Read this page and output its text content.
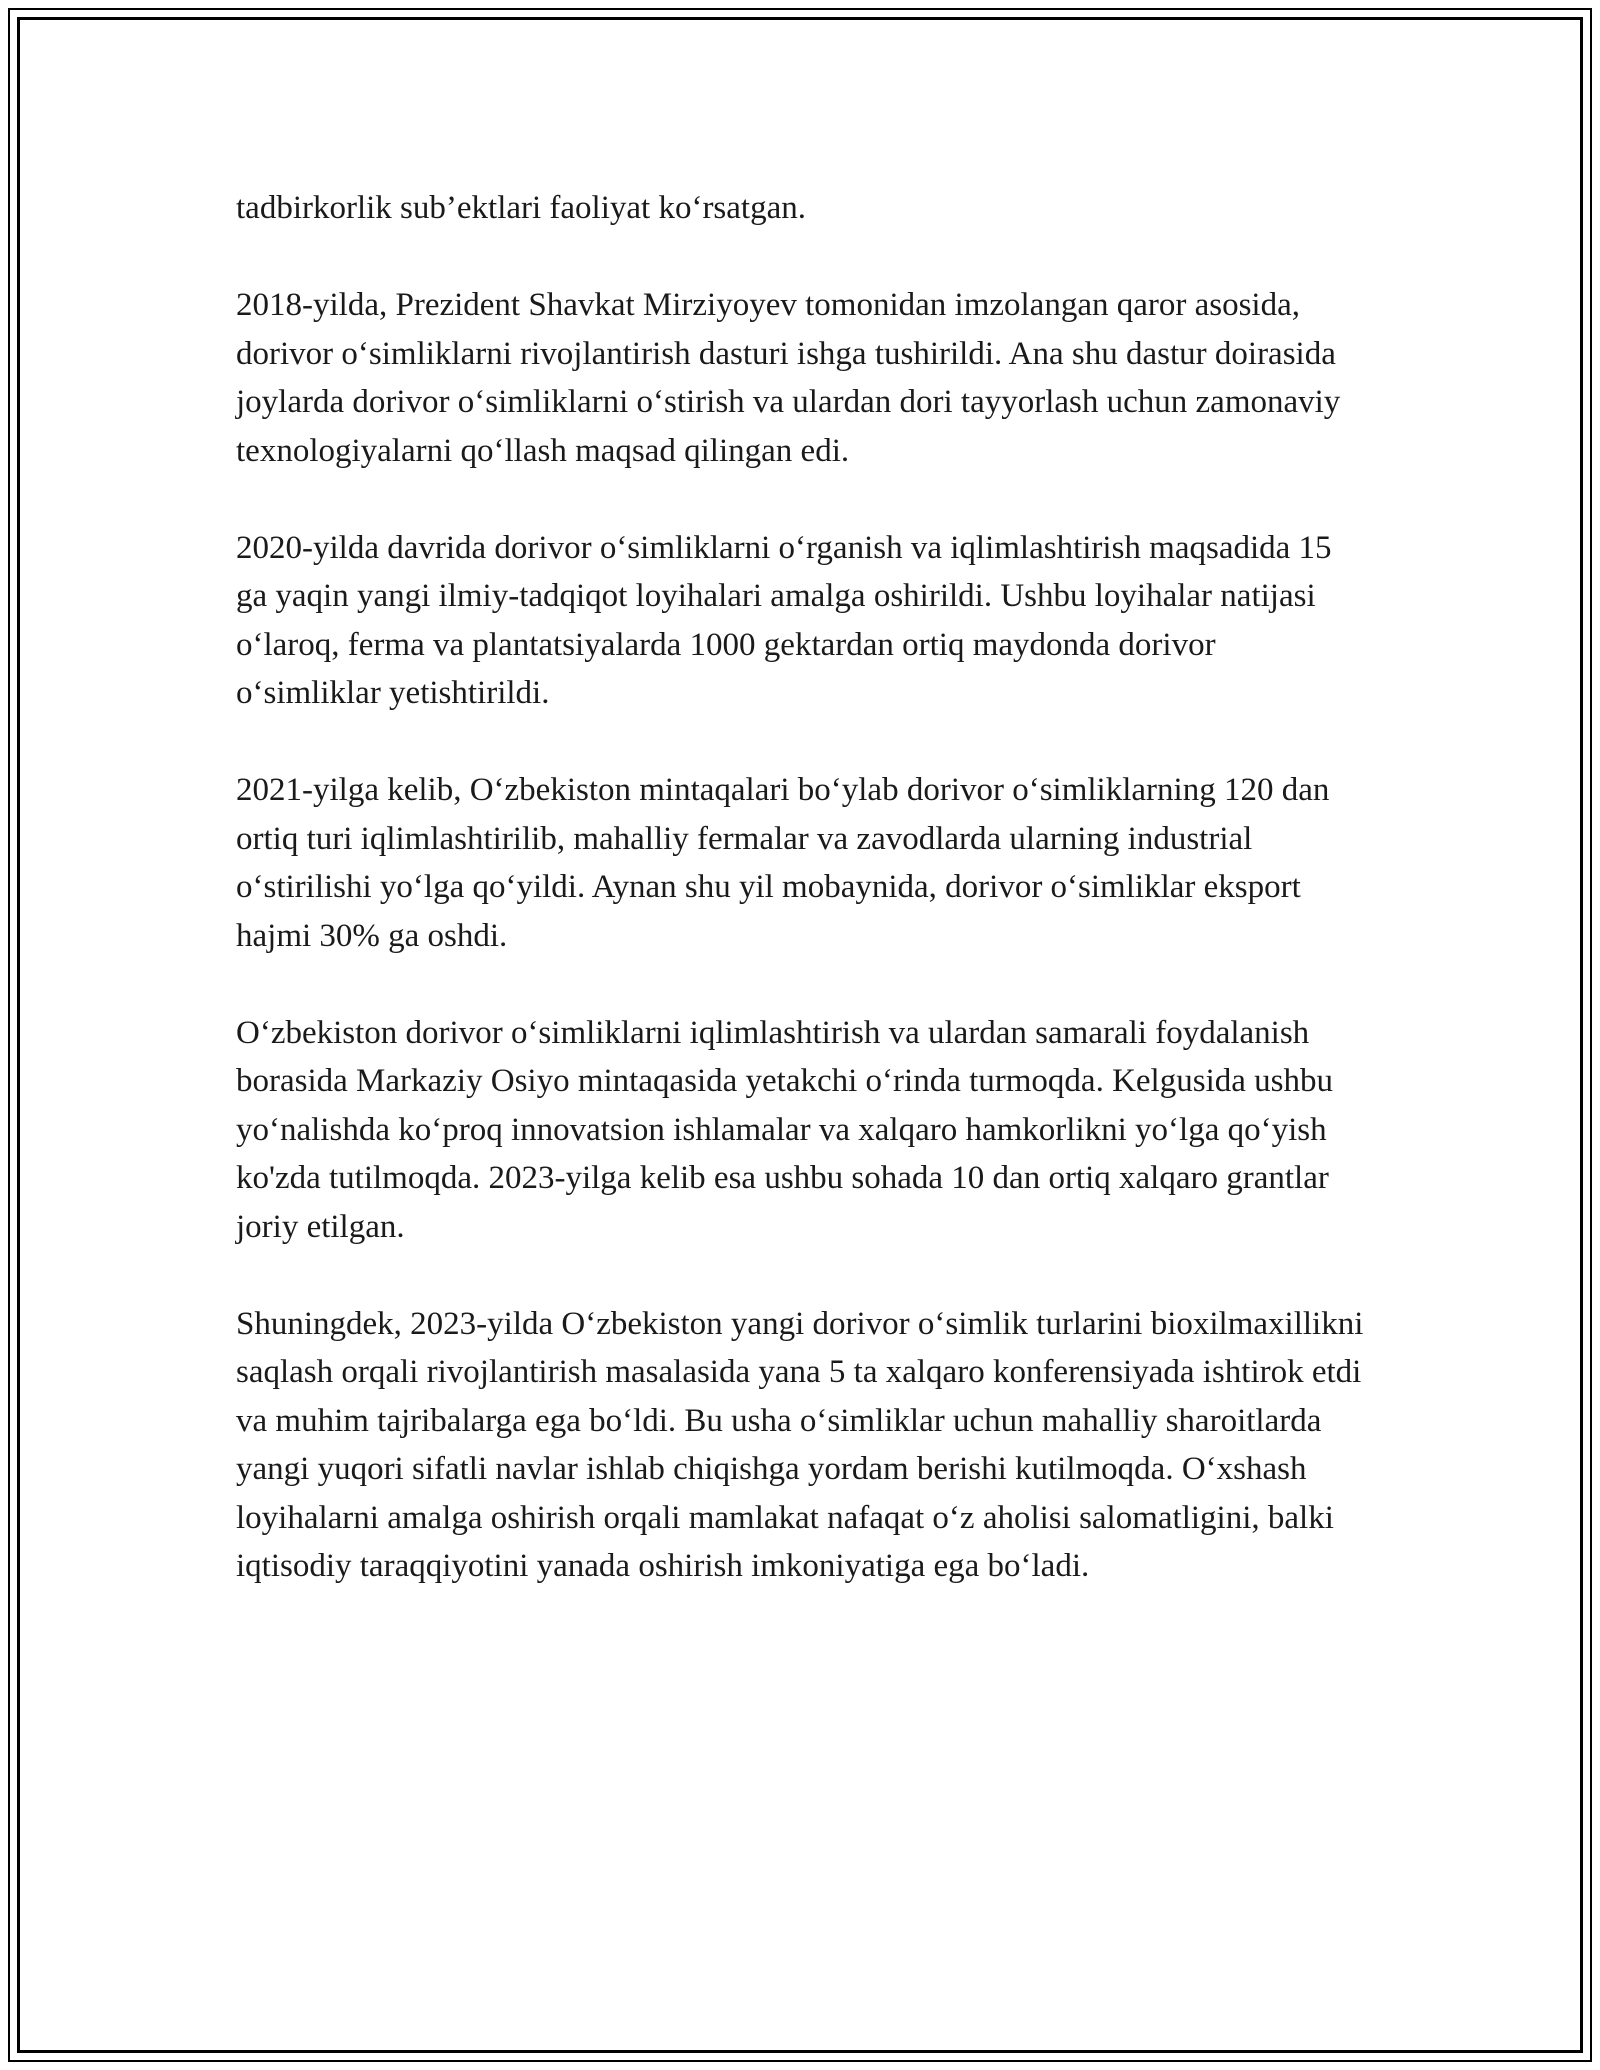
tadbirkorlik sub’ektlari faoliyat ko‘rsatgan.

2018-yilda, Prezident Shavkat Mirziyoyev tomonidan imzolangan qaror asosida, dorivor o‘simliklarni rivojlantirish dasturi ishga tushirildi. Ana shu dastur doirasida joylarda dorivor o‘simliklarni o‘stirish va ulardan dori tayyorlash uchun zamonaviy texnologiyalarni qo‘llash maqsad qilingan edi.

2020-yilda davrida dorivor o‘simliklarni o‘rganish va iqlimlashtirish maqsadida 15 ga yaqin yangi ilmiy-tadqiqot loyihalari amalga oshirildi. Ushbu loyihalar natijasi o‘laroq, ferma va plantatsiyalarda 1000 gektardan ortiq maydonda dorivor o‘simliklar yetishtirildi.

2021-yilga kelib, O‘zbekiston mintaqalari bo‘ylab dorivor o‘simliklarning 120 dan ortiq turi iqlimlashtirilib, mahalliy fermalar va zavodlarda ularning industrial o‘stirilishi yo‘lga qo‘yildi. Aynan shu yil mobaynida, dorivor o‘simliklar eksport hajmi 30% ga oshdi.

O‘zbekiston dorivor o‘simliklarni iqlimlashtirish va ulardan samarali foydalanish borasida Markaziy Osiyo mintaqasida yetakchi o‘rinda turmoqda. Kelgusida ushbu yo‘nalishda ko‘proq innovatsion ishlamalar va xalqaro hamkorlikni yo‘lga qo‘yish ko'zda tutilmoqda. 2023-yilga kelib esa ushbu sohada 10 dan ortiq xalqaro grantlar joriy etilgan.

Shuningdek, 2023-yilda O‘zbekiston yangi dorivor o‘simlik turlarini bioxilmaxillikni saqlash orqali rivojlantirish masalasida yana 5 ta xalqaro konferensiyada ishtirok etdi va muhim tajribalarga ega bo‘ldi. Bu usha o‘simliklar uchun mahalliy sharoitlarda yangi yuqori sifatli navlar ishlab chiqishga yordam berishi kutilmoqda. O‘xshash loyihalarni amalga oshirish orqali mamlakat nafaqat o‘z aholisi salomatligini, balki iqtisodiy taraqqiyotini yanada oshirish imkoniyatiga ega bo‘ladi.
